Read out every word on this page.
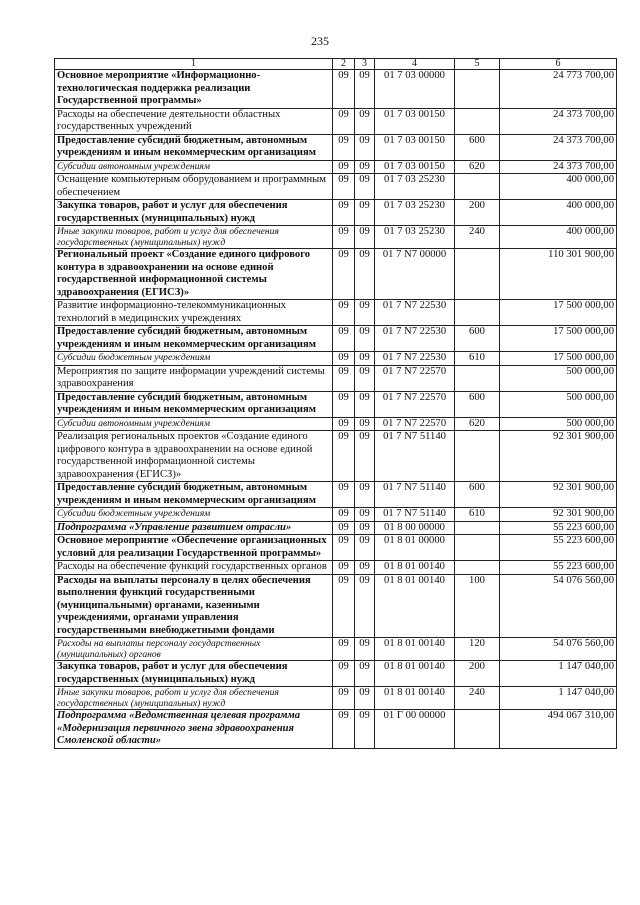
235
1	2	3	4	5	6
Основное мероприятие «Информационно-технологическая поддержка реализации Государственной программы»	09	09	01 7 03 00000		24 773 700,00
Расходы на обеспечение деятельности областных государственных учреждений	09	09	01 7 03 00150		24 373 700,00
Предоставление субсидий бюджетным, автономным учреждениям и иным некоммерческим организациям	09	09	01 7 03 00150	600	24 373 700,00
Субсидии автономным учреждениям	09	09	01 7 03 00150	620	24 373 700,00
Оснащение компьютерным оборудованием и программным обеспечением	09	09	01 7 03 25230		400 000,00
Закупка товаров, работ и услуг для обеспечения государственных (муниципальных) нужд	09	09	01 7 03 25230	200	400 000,00
Иные закупки товаров, работ и услуг для обеспечения государственных (муниципальных) нужд	09	09	01 7 03 25230	240	400 000,00
Региональный проект «Создание единого цифрового контура в здравоохранении на основе единой государственной информационной системы здравоохранения (ЕГИСЗ)»	09	09	01 7 N7 00000		110 301 900,00
Развитие информационно-телекоммуникационных технологий в медицинских учреждениях	09	09	01 7 N7 22530		17 500 000,00
Предоставление субсидий бюджетным, автономным учреждениям и иным некоммерческим организациям	09	09	01 7 N7 22530	600	17 500 000,00
Субсидии бюджетным учреждениям	09	09	01 7 N7 22530	610	17 500 000,00
Мероприятия по защите информации учреждений системы здравоохранения	09	09	01 7 N7 22570		500 000,00
Предоставление субсидий бюджетным, автономным учреждениям и иным некоммерческим организациям	09	09	01 7 N7 22570	600	500 000,00
Субсидии автономным учреждениям	09	09	01 7 N7 22570	620	500 000,00
Реализация региональных проектов «Создание единого цифрового контура в здравоохранении на основе единой государственной информационной системы здравоохранения (ЕГИСЗ)»	09	09	01 7 N7 51140		92 301 900,00
Предоставление субсидий бюджетным, автономным учреждениям и иным некоммерческим организациям	09	09	01 7 N7 51140	600	92 301 900,00
Субсидии бюджетным учреждениям	09	09	01 7 N7 51140	610	92 301 900,00
Подпрограмма «Управление развитием отрасли»	09	09	01 8 00 00000		55 223 600,00
Основное мероприятие «Обеспечение организационных условий для реализации Государственной программы»	09	09	01 8 01 00000		55 223 600,00
Расходы на обеспечение функций государственных органов	09	09	01 8 01 00140		55 223 600,00
Расходы на выплаты персоналу в целях обеспечения выполнения функций государственными (муниципальными) органами, казенными учреждениями, органами управления государственными внебюджетными фондами	09	09	01 8 01 00140	100	54 076 560,00
Расходы на выплаты персоналу государственных (муниципальных) органов	09	09	01 8 01 00140	120	54 076 560,00
Закупка товаров, работ и услуг для обеспечения государственных (муниципальных) нужд	09	09	01 8 01 00140	200	1 147 040,00
Иные закупки товаров, работ и услуг для обеспечения государственных (муниципальных) нужд	09	09	01 8 01 00140	240	1 147 040,00
Подпрограмма «Ведомственная целевая программа «Модернизация первичного звена здравоохранения Смоленской области»	09	09	01 Г 00 00000		494 067 310,00
